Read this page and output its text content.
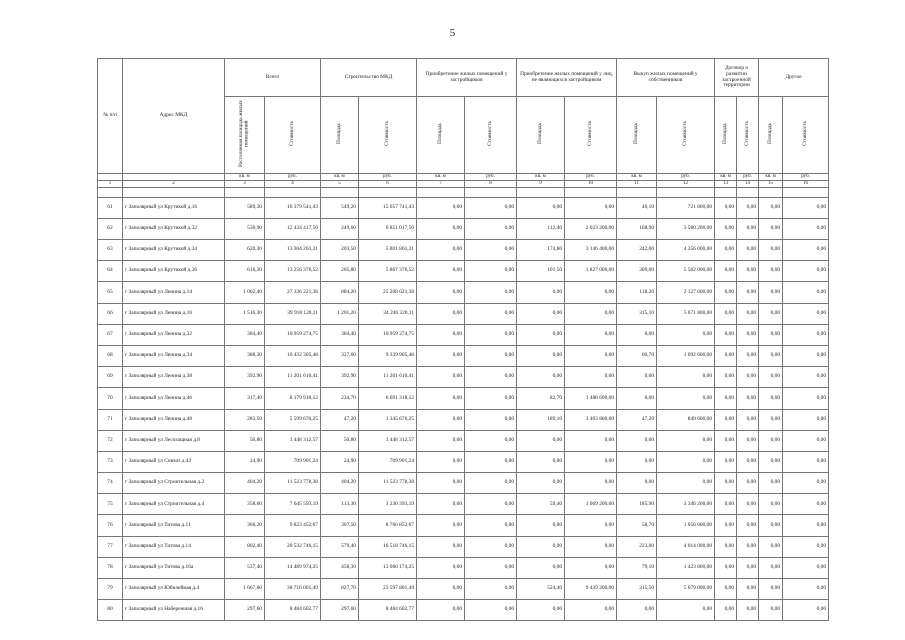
5
№ п/п	Адрес МКД	Всего		Строительство МКД		Приобретение жилых помещений у застройщиков		Приобретение жилых помещений у лиц, не являющихся застройщиком		Выкуп жилых помещений у собственников		Договор о развитии застроенной территории		Другое	
		Расселяемая площадь жилых помещений	Стоимость	Площадь	Стоимость	Площадь	Стоимость	Площадь	Стоимость	Площадь	Стоимость	Площадь	Стоимость	Площадь	Стоимость
		кв. м	руб.	кв. м	руб.	кв. м	руб.	кв. м	руб.	кв. м	руб.	кв. м	руб.	кв. м	руб.
1	2	3	4	5	6	7	8	9	10	11	12	13	14	15	16

61	г Заполярный ул Крутикой д.16	589,30	16 379 541,43	549,20	15 657 741,43	0,00	0,00	0,00	0,00	40,10	721 800,00	0,00	0,00	0,00	0,00
62	г Заполярный ул Крутикой д.32	530,90	12 434 417,56	249,60	6 851 017,56	0,00	0,00	112,40	2 023 200,00	168,90	3 580 200,00	0,00	0,00	0,00	0,00
63	г Заполярный ул Крутикой д.34	620,30	13 304 203,31	203,50	5 801 803,31	0,00	0,00	174,80	3 146 400,00	242,00	4 356 000,00	0,00	0,00	0,00	0,00
64	г Заполярный ул Крутикой д.36	616,30	13 256 376,52	205,80	5 867 376,52	0,00	0,00	101,50	1 827 000,00	309,00	5 562 000,00	0,00	0,00	0,00	0,00
65	г Заполярный ул Ленина д.14	1 002,40	27 336 221,38	884,20	25 208 621,38	0,00	0,00	0,00	0,00	118,20	2 127 600,00	0,00	0,00	0,00	0,00
66	г Заполярный ул Ленина д.16	1 516,30	39 918 120,11	1 201,20	34 246 320,11	0,00	0,00	0,00	0,00	315,10	5 671 800,00	0,00	0,00	0,00	0,00
67	г Заполярный ул Ленина д.32	384,40	10 959 274,75	384,40	10 959 274,75	0,00	0,00	0,00	0,00	0,00	0,00	0,00	0,00	0,00	0,00
68	г Заполярный ул Ленина д.34	388,30	10 432 305,48	327,60	9 339 905,48	0,00	0,00	0,00	0,00	60,70	1 092 600,00	0,00	0,00	0,00	0,00
69	г Заполярный ул Ленина д.38	392,90	11 201 610,41	392,90	11 201 610,41	0,00	0,00	0,00	0,00	0,00	0,00	0,00	0,00	0,00	0,00
70	г Заполярный ул Ленина д.46	317,40	8 179 918,12	234,70	6 691 318,12	0,00	0,00	82,70	1 488 600,00	0,00	0,00	0,00	0,00	0,00	0,00
71	г Заполярный ул Ленина д.48	283,50	5 599 676,25	47,20	1 345 676,25	0,00	0,00	189,10	3 403 800,00	47,20	849 600,00	0,00	0,00	0,00	0,00
72	г Заполярный ул Лесозащная д.8	50,80	1 448 312,57	50,80	1 448 312,57	0,00	0,00	0,00	0,00	0,00	0,00	0,00	0,00	0,00	0,00
73	г Заполярный ул Совхоз д.43	24,90	709 901,24	24,90	709 901,24	0,00	0,00	0,00	0,00	0,00	0,00	0,00	0,00	0,00	0,00
74	г Заполярный ул Строительная д.2	404,20	11 523 778,38	404,20	11 523 778,38	0,00	0,00	0,00	0,00	0,00	0,00	0,00	0,00	0,00	0,00
75	г Заполярный ул Строительная д.4	358,60	7 645 593,19	113,30	3 230 393,19	0,00	0,00	59,40	1 069 200,00	185,90	3 346 200,00	0,00	0,00	0,00	0,00
76	г Заполярный ул Титова д.11	366,20	9 823 452,67	307,50	8 766 852,67	0,00	0,00	0,00	0,00	58,70	1 056 600,00	0,00	0,00	0,00	0,00
77	г Заполярный ул Титова д.14	802,40	20 532 746,15	579,40	16 518 746,15	0,00	0,00	0,00	0,00	223,00	4 014 000,00	0,00	0,00	0,00	0,00
78	г Заполярный ул Титова д.16а	537,40	14 489 974,25	458,30	13 066 174,25	0,00	0,00	0,00	0,00	79,10	1 423 800,00	0,00	0,00	0,00	0,00
79	г Заполярный ул Юбилейная д.4	1 667,60	38 716 001,49	827,70	23 597 801,49	0,00	0,00	524,40	9 439 200,00	315,50	5 679 000,00	0,00	0,00	0,00	0,00
80	г Заполярный ул Набережная д.16	297,60	8 484 602,77	297,60	8 484 602,77	0,00	0,00	0,00	0,00	0,00	0,00	0,00	0,00	0,00	0,00
